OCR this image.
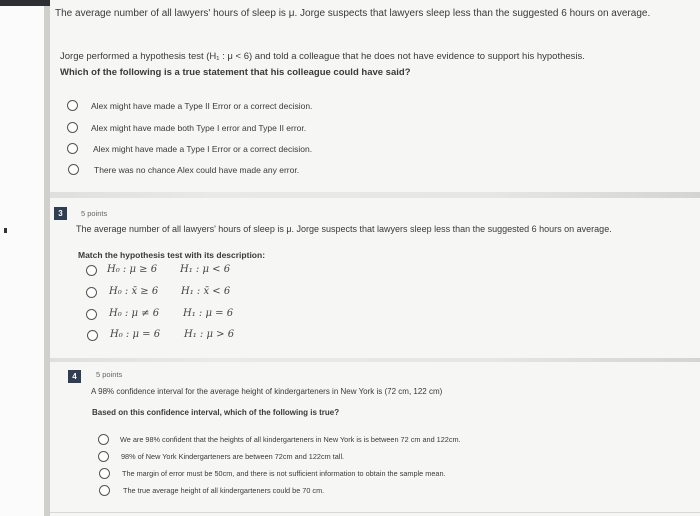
The average number of all lawyers' hours of sleep is μ. Jorge suspects that lawyers sleep less than the suggested 6 hours on average.
Jorge performed a hypothesis test (H₁ : μ < 6) and told a colleague that he does not have evidence to support his hypothesis.
Which of the following is a true statement that his colleague could have said?
Alex might have made a Type II Error or a correct decision.
Alex might have made both Type I error and Type II error.
Alex might have made a Type I Error or a correct decision.
There was no chance Alex could have made any error.
3	5 points
The average number of all lawyers' hours of sleep is μ. Jorge suspects that lawyers sleep less than the suggested 6 hours on average.
Match the hypothesis test with its description:
H₀ : μ ≥ 6 H₁ : μ < 6
H₀ : x̄ ≥ 6 H₁ : x̄ < 6
H₀ : μ ≠ 6 H₁ : μ = 6
H₀ : μ = 6 H₁ : μ > 6
4	5 points
A 98% confidence interval for the average height of kindergarteners in New York is (72 cm, 122 cm)
Based on this confidence interval, which of the following is true?
We are 98% confident that the heights of all kindergarteners in New York is is between 72 cm and 122cm.
98% of New York Kindergarteners are between 72cm and 122cm tall.
The margin of error must be 50cm, and there is not sufficient information to obtain the sample mean.
The true average height of all kindergarteners could be 70 cm.
